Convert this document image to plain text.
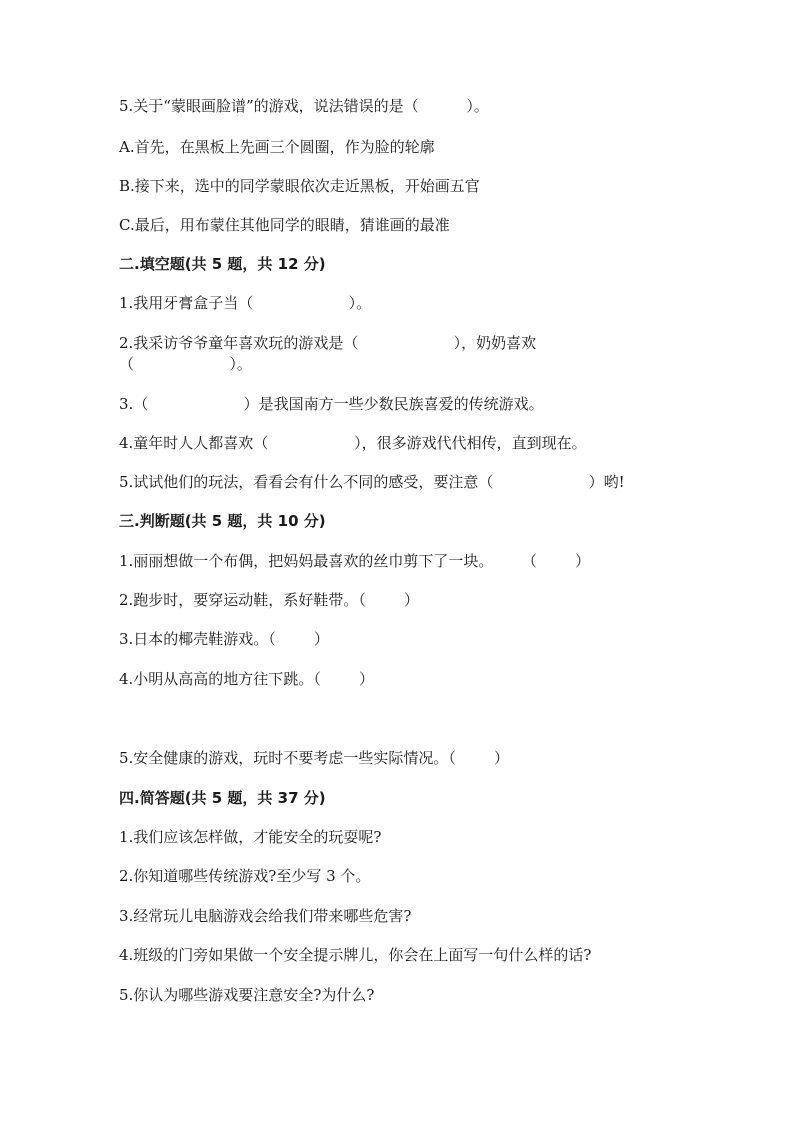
5.关于“蒙眼画脸谱”的游戏，说法错误的是（          ）。
A.首先，在黑板上先画三个圆圈，作为脸的轮廓
B.接下来，选中的同学蒙眼依次走近黑板，开始画五官
C.最后，用布蒙住其他同学的眼睛，猜谁画的最准
二.填空题(共 5 题，共 12 分)
1.我用牙膏盒子当（                    ）。
2.我采访爷爷童年喜欢玩的游戏是（                    ），奶奶喜欢
（                    ）。
3.（                    ）是我国南方一些少数民族喜爱的传统游戏。
4.童年时人人都喜欢（                  ），很多游戏代代相传，直到现在。
5.试试他们的玩法，看看会有什么不同的感受，要注意（                    ）哟!
三.判断题(共 5 题，共 10 分)
1.丽丽想做一个布偶，把妈妈最喜欢的丝巾剪下了一块。      （        ）
2.跑步时，要穿运动鞋，系好鞋带。（        ）
3.日本的椰壳鞋游戏。（        ）
4.小明从高高的地方往下跳。（        ）
5.安全健康的游戏，玩时不要考虑一些实际情况。（        ）
四.简答题(共 5 题，共 37 分)
1.我们应该怎样做，才能安全的玩耍呢?
2.你知道哪些传统游戏?至少写 3 个。
3.经常玩儿电脑游戏会给我们带来哪些危害?
4.班级的门旁如果做一个安全提示牌儿，你会在上面写一句什么样的话?
5.你认为哪些游戏要注意安全?为什么?
